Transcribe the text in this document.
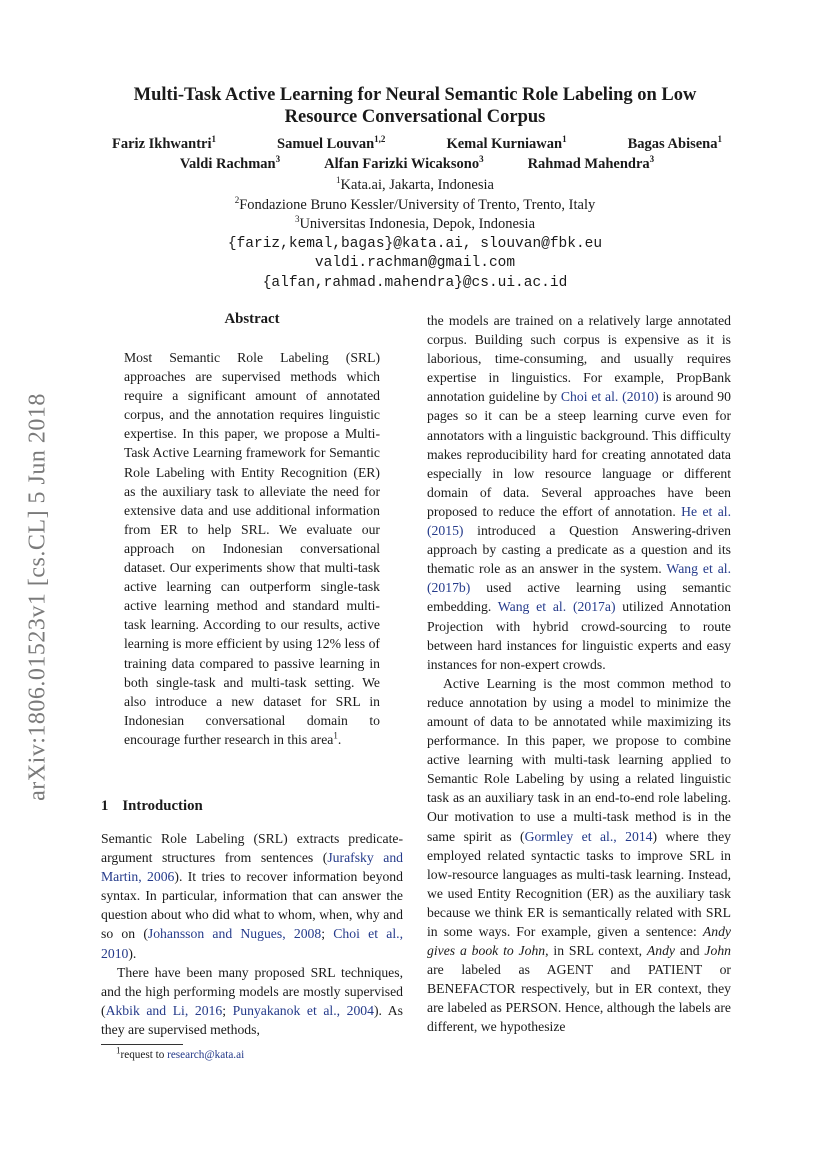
Multi-Task Active Learning for Neural Semantic Role Labeling on Low
Resource Conversational Corpus
Fariz Ikhwantri$^1$	Samuel Louvan$^{1,2}$	Kemal Kurniawan$^1$	Bagas Abisena$^1$
Valdi Rachman$^3$	Alfan Farizki Wicaksono$^3$	Rahmad Mahendra$^3$
$^1$Kata.ai, Jakarta, Indonesia
$^2$Fondazione Bruno Kessler/University of Trento, Trento, Italy
$^3$Universitas Indonesia, Depok, Indonesia
{fariz,kemal,bagas}@kata.ai, slouvan@fbk.eu
valdi.rachman@gmail.com
{alfan,rahmad.mahendra}@cs.ui.ac.id
arXiv:1806.01523v1 [cs.CL] 5 Jun 2018
Abstract

Most Semantic Role Labeling (SRL) approaches are supervised methods which require a significant amount of annotated corpus, and the annotation requires linguistic expertise. In this paper, we propose a Multi-Task Active Learning framework for Semantic Role Labeling with Entity Recognition (ER) as the auxiliary task to alleviate the need for extensive data and use additional information from ER to help SRL. We evaluate our approach on Indonesian conversational dataset. Our experiments show that multi-task active learning can outperform single-task active learning method and standard multi-task learning. According to our results, active learning is more efficient by using 12% less of training data compared to passive learning in both single-task and multi-task setting. We also introduce a new dataset for SRL in Indonesian conversational domain to encourage further research in this area$^1$.

1 Introduction

Semantic Role Labeling (SRL) extracts predicate-argument structures from sentences (Jurafsky and Martin, 2006). It tries to recover information beyond syntax. In particular, information that can answer the question about who did what to whom, when, why and so on (Johansson and Nugues, 2008; Choi et al., 2010).

There have been many proposed SRL techniques, and the high performing models are mostly supervised (Akbik and Li, 2016; Punyakanok et al., 2004). As they are supervised methods,

$^1$request to research@kata.ai

the models are trained on a relatively large annotated corpus. Building such corpus is expensive as it is laborious, time-consuming, and usually requires expertise in linguistics. For example, PropBank annotation guideline by Choi et al. (2010) is around 90 pages so it can be a steep learning curve even for annotators with a linguistic background. This difficulty makes reproducibility hard for creating annotated data especially in low resource language or different domain of data. Several approaches have been proposed to reduce the effort of annotation. He et al. (2015) introduced a Question Answering-driven approach by casting a predicate as a question and its thematic role as an answer in the system. Wang et al. (2017b) used active learning using semantic embedding. Wang et al. (2017a) utilized Annotation Projection with hybrid crowd-sourcing to route between hard instances for linguistic experts and easy instances for non-expert crowds.

Active Learning is the most common method to reduce annotation by using a model to minimize the amount of data to be annotated while maximizing its performance. In this paper, we propose to combine active learning with multi-task learning applied to Semantic Role Labeling by using a related linguistic task as an auxiliary task in an end-to-end role labeling. Our motivation to use a multi-task method is in the same spirit as (Gormley et al., 2014) where they employed related syntactic tasks to improve SRL in low-resource languages as multi-task learning. Instead, we used Entity Recognition (ER) as the auxiliary task because we think ER is semantically related with SRL in some ways. For example, given a sentence: Andy gives a book to John, in SRL context, Andy and John are labeled as AGENT and PATIENT or BENEFACTOR respectively, but in ER context, they are labeled as PERSON. Hence, although the labels are different, we hypothesize
